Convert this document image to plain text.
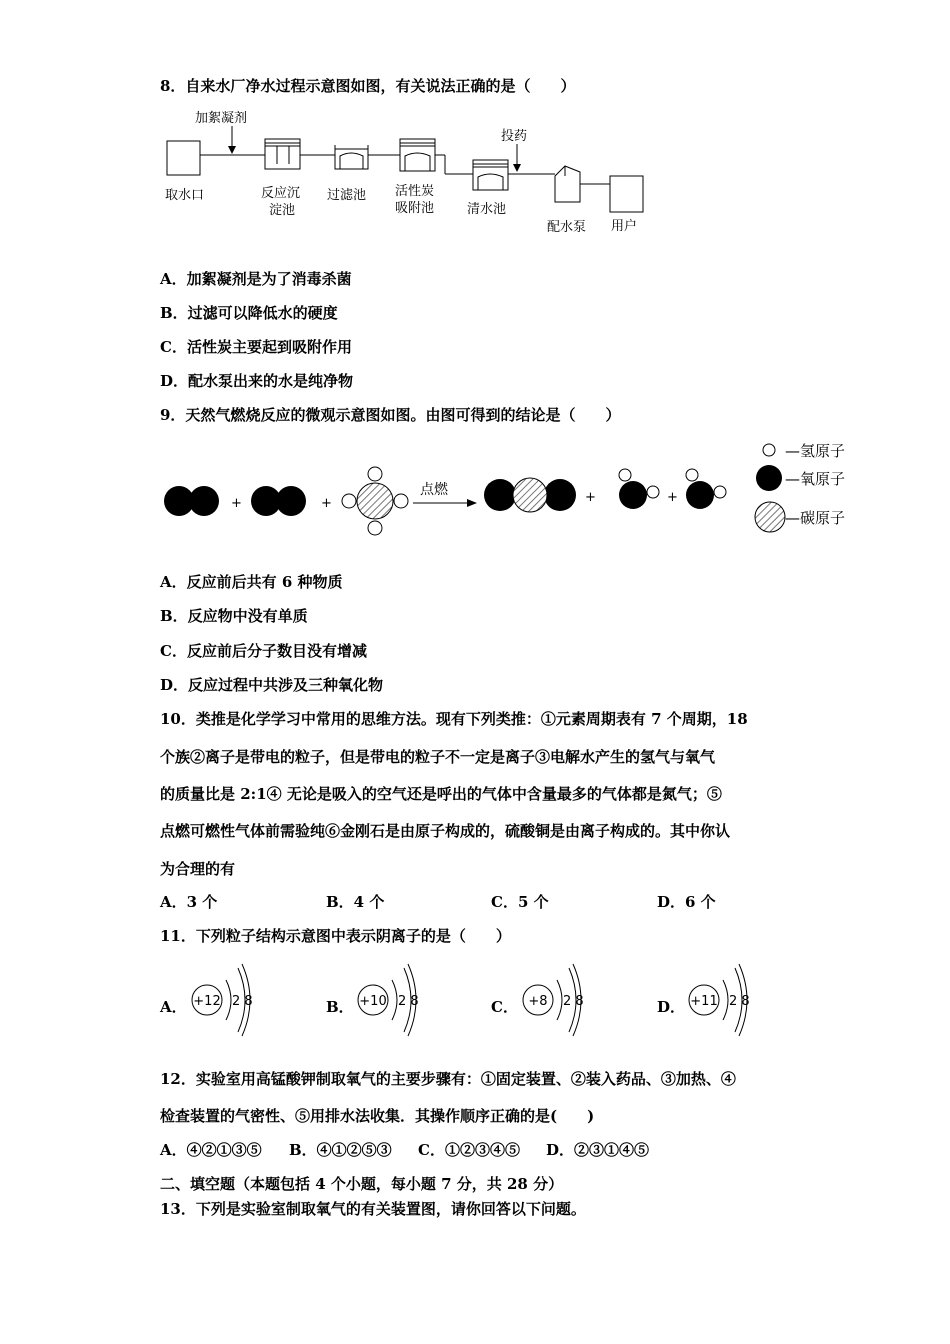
8．自来水厂净水过程示意图如图，有关说法正确的是（　　）
加絮凝剂
投药
取水口	反应沉
淀池
过滤池 活性炭
吸附池	清水池
配水泵 用户
A．加絮凝剂是为了消毒杀菌
B．过滤可以降低水的硬度
C．活性炭主要起到吸附作用
D．配水泵出来的水是纯净物
9．天然气燃烧反应的微观示意图如图。由图可得到的结论是（　　）
+	+
点燃	+	+
—氢原子
—氧原子
—碳原子
A．反应前后共有 6 种物质
B．反应物中没有单质
C．反应前后分子数目没有增减
D．反应过程中共涉及三种氧化物
10．类推是化学学习中常用的思维方法。现有下列类推：①元素周期表有 7 个周期，18
个族②离子是带电的粒子，但是带电的粒子不一定是离子③电解水产生的氢气与氧气
的质量比是 2:1④ 无论是吸入的空气还是呼出的气体中含量最多的气体都是氮气；⑤
点燃可燃性气体前需验纯⑥金刚石是由原子构成的，硫酸铜是由离子构成的。其中你认
为合理的有
A．3 个	B．4 个	C．5 个	D．6 个
11．下列粒子结构示意图中表示阴离子的是（　　）
A． +12 2 8	B． +10 2 8	C． +8 2 8	D． +11 2 8
12．实验室用高锰酸钾制取氧气的主要步骤有：①固定装置、②装入药品、③加热、④
检查装置的气密性、⑤用排水法收集．其操作顺序正确的是(　　)
A．④②①③⑤ B．④①②⑤③ C．①②③④⑤ D．②③①④⑤
二、填空题（本题包括 4 个小题，每小题 7 分，共 28 分）
13．下列是实验室制取氧气的有关装置图，请你回答以下问题。
